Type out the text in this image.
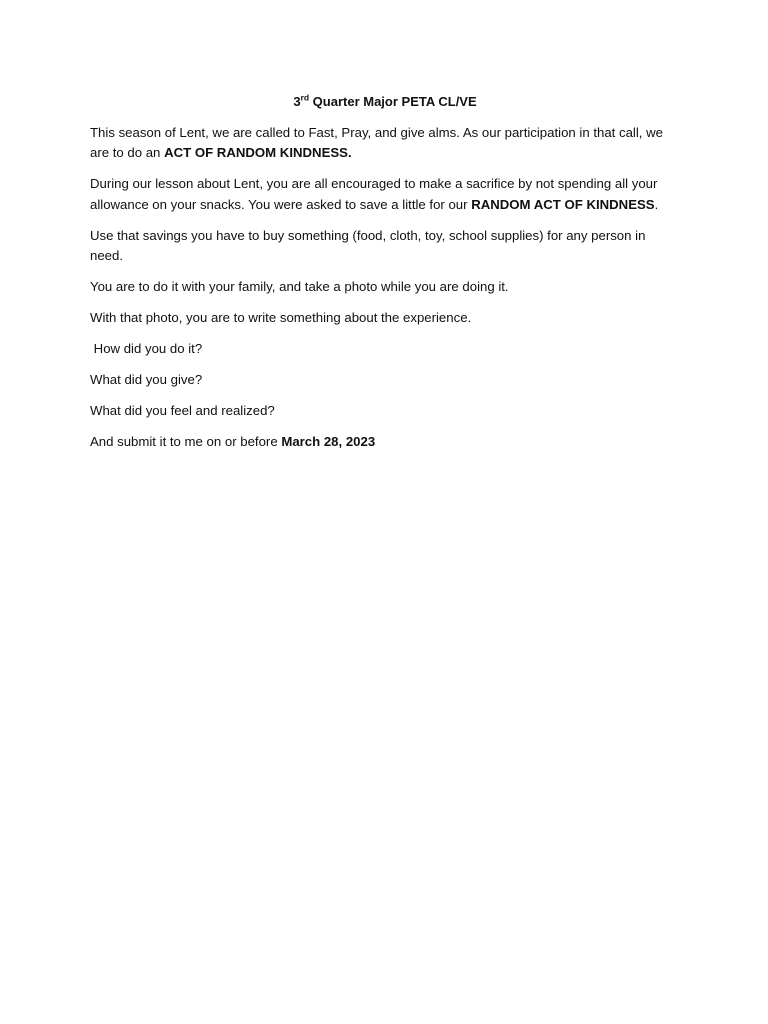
3rd Quarter Major PETA CL/VE

This season of Lent, we are called to Fast, Pray, and give alms. As our participation in that call, we are to do an ACT OF RANDOM KINDNESS.

During our lesson about Lent, you are all encouraged to make a sacrifice by not spending all your allowance on your snacks. You were asked to save a little for our RANDOM ACT OF KINDNESS.

Use that savings you have to buy something (food, cloth, toy, school supplies) for any person in need.

You are to do it with your family, and take a photo while you are doing it.

With that photo, you are to write something about the experience.

How did you do it?

What did you give?

What did you feel and realized?

And submit it to me on or before March 28, 2023
